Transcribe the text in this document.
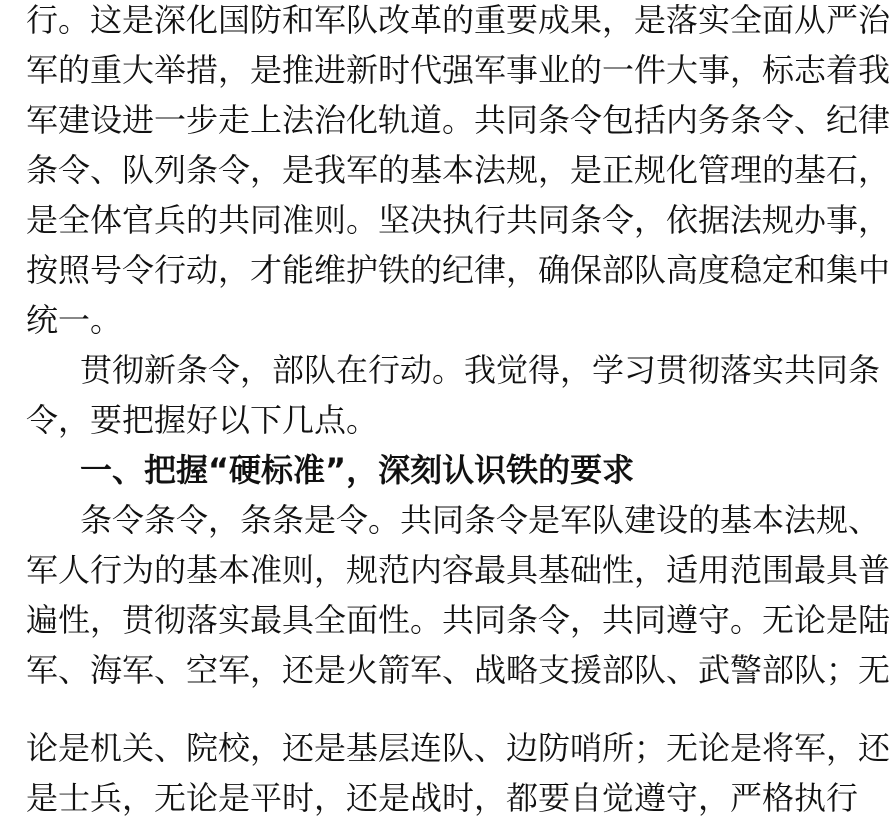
行。这是深化国防和军队改革的重要成果，是落实全面从严治
军的重大举措，是推进新时代强军事业的一件大事，标志着我
军建设进一步走上法治化轨道。共同条令包括内务条令、纪律
条令、队列条令，是我军的基本法规，是正规化管理的基石，
是全体官兵的共同准则。坚决执行共同条令，依据法规办事，
按照号令行动，才能维护铁的纪律，确保部队高度稳定和集中
统一。
贯彻新条令，部队在行动。我觉得，学习贯彻落实共同条
令，要把握好以下几点。
一、把握“硬标准”，深刻认识铁的要求
条令条令，条条是令。共同条令是军队建设的基本法规、
军人行为的基本准则，规范内容最具基础性，适用范围最具普
遍性，贯彻落实最具全面性。共同条令，共同遵守。无论是陆
军、海军、空军，还是火箭军、战略支援部队、武警部队；无
论是机关、院校，还是基层连队、边防哨所；无论是将军，还
是士兵，无论是平时，还是战时，都要自觉遵守，严格执行
